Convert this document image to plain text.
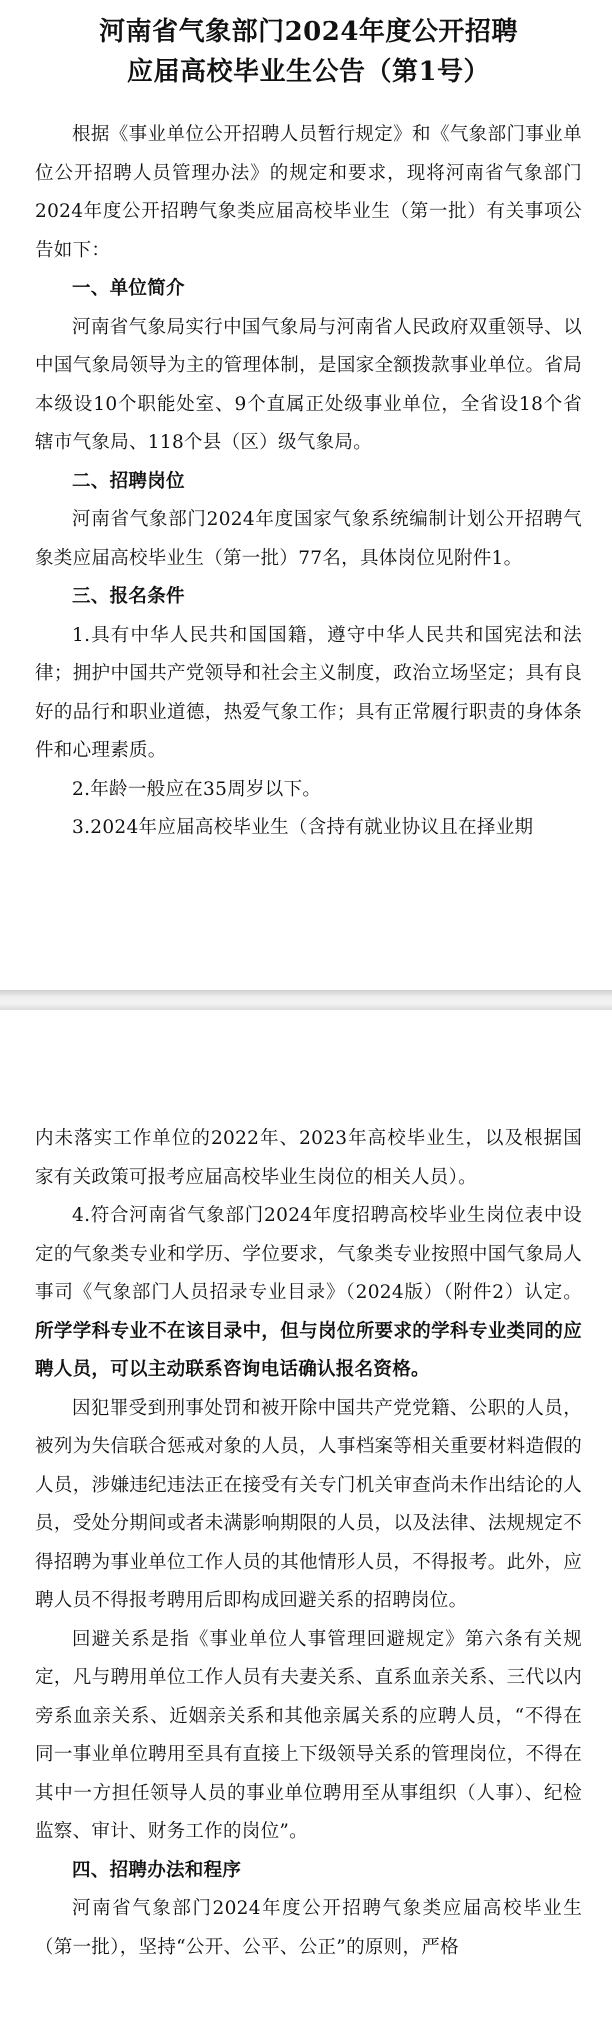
河南省气象部门2024年度公开招聘
应届高校毕业生公告（第1号）

根据《事业单位公开招聘人员暂行规定》和《气象部门事业单位公开招聘人员管理办法》的规定和要求，现将河南省气象部门2024年度公开招聘气象类应届高校毕业生（第一批）有关事项公告如下：

一、单位简介

河南省气象局实行中国气象局与河南省人民政府双重领导、以中国气象局领导为主的管理体制，是国家全额拨款事业单位。省局本级设10个职能处室、9个直属正处级事业单位，全省设18个省辖市气象局、118个县（区）级气象局。

二、招聘岗位

河南省气象部门2024年度国家气象系统编制计划公开招聘气象类应届高校毕业生（第一批）77名，具体岗位见附件1。

三、报名条件

1.具有中华人民共和国国籍，遵守中华人民共和国宪法和法律；拥护中国共产党领导和社会主义制度，政治立场坚定；具有良好的品行和职业道德，热爱气象工作；具有正常履行职责的身体条件和心理素质。

2.年龄一般应在35周岁以下。

3.2024年应届高校毕业生（含持有就业协议且在择业期

内未落实工作单位的2022年、2023年高校毕业生，以及根据国家有关政策可报考应届高校毕业生岗位的相关人员）。

4.符合河南省气象部门2024年度招聘高校毕业生岗位表中设定的气象类专业和学历、学位要求，气象类专业按照中国气象局人事司《气象部门人员招录专业目录》（2024版）（附件2）认定。所学学科专业不在该目录中，但与岗位所要求的学科专业类同的应聘人员，可以主动联系咨询电话确认报名资格。

因犯罪受到刑事处罚和被开除中国共产党党籍、公职的人员，被列为失信联合惩戒对象的人员，人事档案等相关重要材料造假的人员，涉嫌违纪违法正在接受有关专门机关审查尚未作出结论的人员，受处分期间或者未满影响期限的人员，以及法律、法规规定不得招聘为事业单位工作人员的其他情形人员，不得报考。此外，应聘人员不得报考聘用后即构成回避关系的招聘岗位。

回避关系是指《事业单位人事管理回避规定》第六条有关规定，凡与聘用单位工作人员有夫妻关系、直系血亲关系、三代以内旁系血亲关系、近姻亲关系和其他亲属关系的应聘人员，“不得在同一事业单位聘用至具有直接上下级领导关系的管理岗位，不得在其中一方担任领导人员的事业单位聘用至从事组织（人事）、纪检监察、审计、财务工作的岗位”。

四、招聘办法和程序

河南省气象部门2024年度公开招聘气象类应届高校毕业生（第一批），坚持“公开、公平、公正”的原则，严格
